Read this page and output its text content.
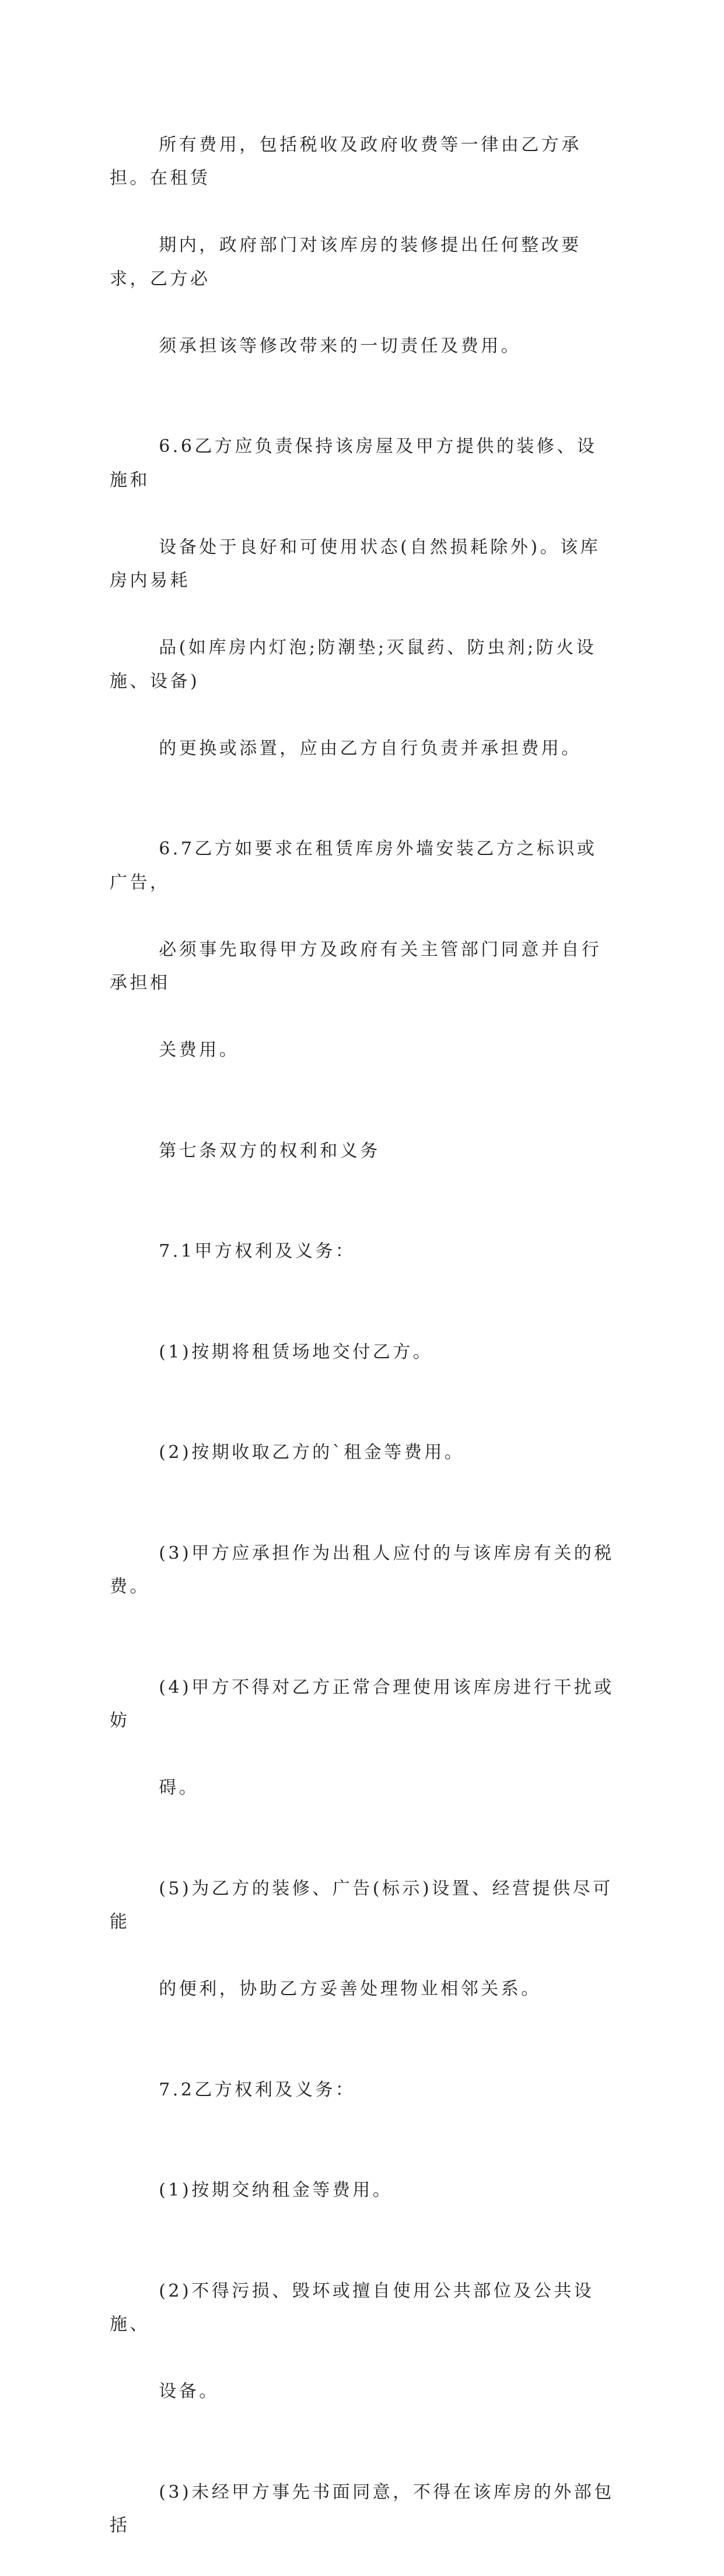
所有费用，包括税收及政府收费等一律由乙方承担。在租赁

期内，政府部门对该库房的装修提出任何整改要求，乙方必

须承担该等修改带来的一切责任及费用。

6.6乙方应负责保持该房屋及甲方提供的装修、设施和

设备处于良好和可使用状态(自然损耗除外)。该库房内易耗

品(如库房内灯泡;防潮垫;灭鼠药、防虫剂;防火设施、设备)

的更换或添置，应由乙方自行负责并承担费用。

6.7乙方如要求在租赁库房外墙安装乙方之标识或广告，

必须事先取得甲方及政府有关主管部门同意并自行承担相

关费用。

第七条双方的权利和义务

7.1甲方权利及义务：

(1)按期将租赁场地交付乙方。

(2)按期收取乙方的`租金等费用。

(3)甲方应承担作为出租人应付的与该库房有关的税费。

(4)甲方不得对乙方正常合理使用该库房进行干扰或妨

碍。

(5)为乙方的装修、广告(标示)设置、经营提供尽可能

的便利，协助乙方妥善处理物业相邻关系。

7.2乙方权利及义务：

(1)按期交纳租金等费用。

(2)不得污损、毁坏或擅自使用公共部位及公共设施、

设备。

(3)未经甲方事先书面同意，不得在该库房的外部包括
